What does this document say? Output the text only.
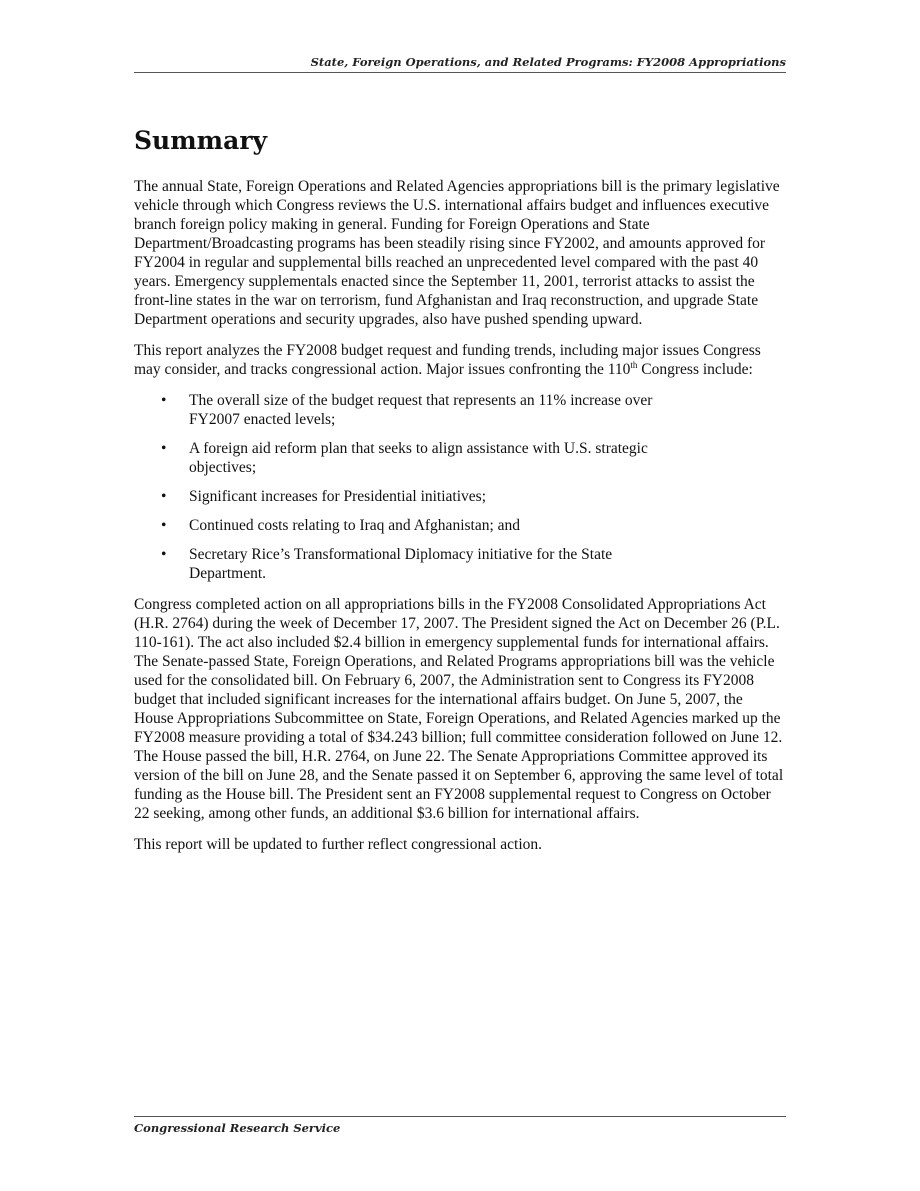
State, Foreign Operations, and Related Programs: FY2008 Appropriations
Summary

The annual State, Foreign Operations and Related Agencies appropriations bill is the primary legislative vehicle through which Congress reviews the U.S. international affairs budget and influences executive branch foreign policy making in general. Funding for Foreign Operations and State Department/Broadcasting programs has been steadily rising since FY2002, and amounts approved for FY2004 in regular and supplemental bills reached an unprecedented level compared with the past 40 years. Emergency supplementals enacted since the September 11, 2001, terrorist attacks to assist the front-line states in the war on terrorism, fund Afghanistan and Iraq reconstruction, and upgrade State Department operations and security upgrades, also have pushed spending upward.

This report analyzes the FY2008 budget request and funding trends, including major issues Congress may consider, and tracks congressional action. Major issues confronting the 110th Congress include:

• The overall size of the budget request that represents an 11% increase over FY2007 enacted levels;
• A foreign aid reform plan that seeks to align assistance with U.S. strategic objectives;
• Significant increases for Presidential initiatives;
• Continued costs relating to Iraq and Afghanistan; and
• Secretary Rice’s Transformational Diplomacy initiative for the State Department.

Congress completed action on all appropriations bills in the FY2008 Consolidated Appropriations Act (H.R. 2764) during the week of December 17, 2007. The President signed the Act on December 26 (P.L. 110-161). The act also included $2.4 billion in emergency supplemental funds for international affairs. The Senate-passed State, Foreign Operations, and Related Programs appropriations bill was the vehicle used for the consolidated bill. On February 6, 2007, the Administration sent to Congress its FY2008 budget that included significant increases for the international affairs budget. On June 5, 2007, the House Appropriations Subcommittee on State, Foreign Operations, and Related Agencies marked up the FY2008 measure providing a total of $34.243 billion; full committee consideration followed on June 12. The House passed the bill, H.R. 2764, on June 22. The Senate Appropriations Committee approved its version of the bill on June 28, and the Senate passed it on September 6, approving the same level of total funding as the House bill. The President sent an FY2008 supplemental request to Congress on October 22 seeking, among other funds, an additional $3.6 billion for international affairs.

This report will be updated to further reflect congressional action.

Congressional Research Service
